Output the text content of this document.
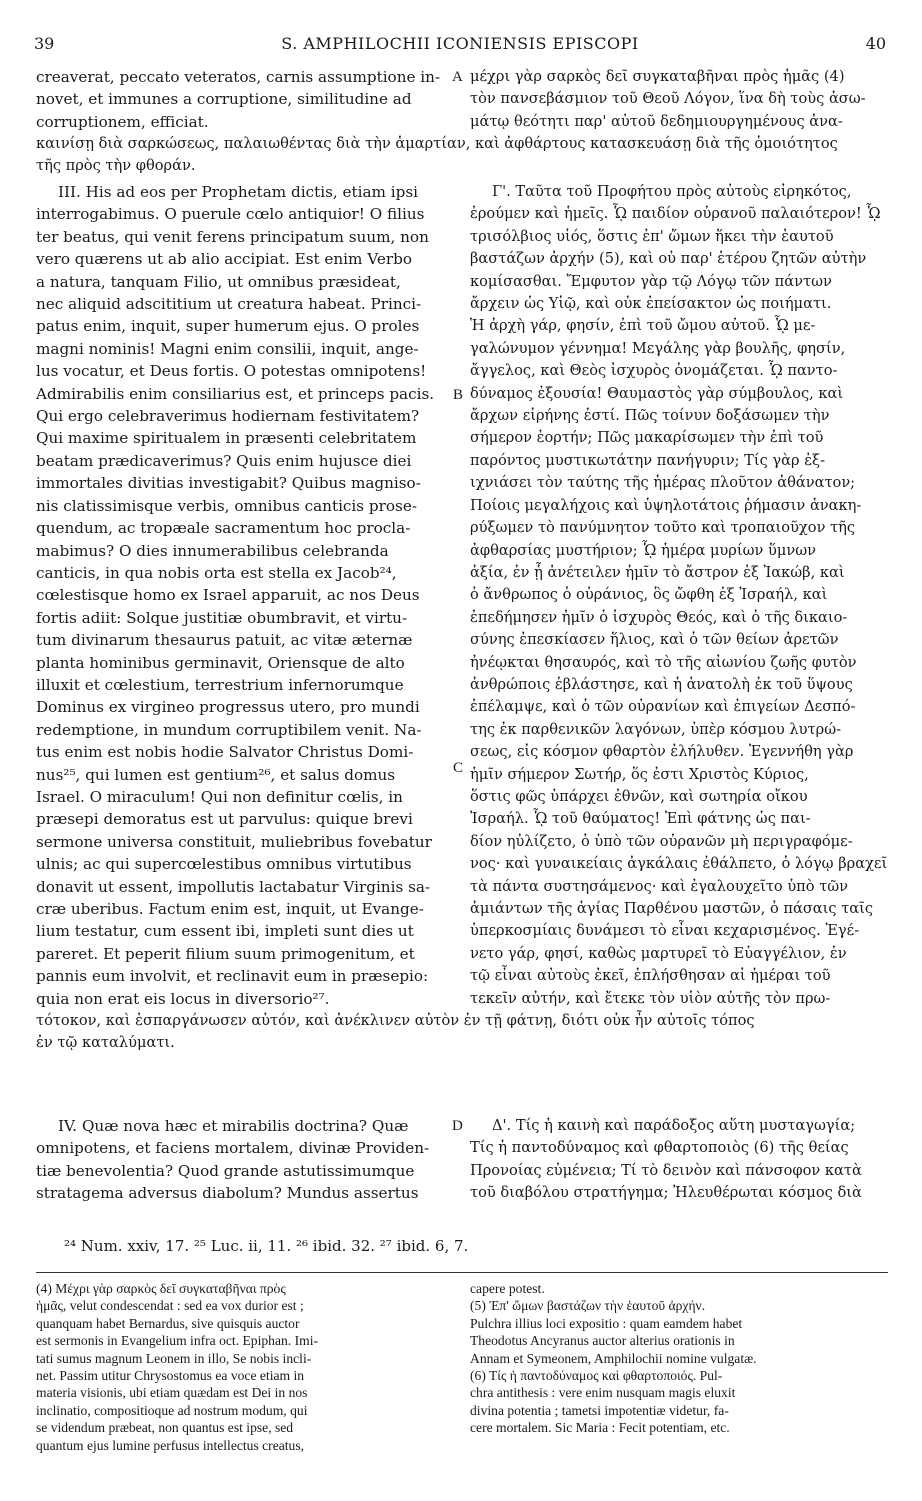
39	S. AMPHILOCHII ICONIENSIS EPISCOPI	40
creaverat, peccato veteratos, carnis assumptione in-
novet, et immunes a corruptione, similitudine ad
corruptionem, efficiat.
μέχρι γὰρ σαρκὸς δεῖ συγκαταβῆναι πρὸς ἡμᾶς (4)
τὸν πανσεβάσμιον τοῦ Θεοῦ Λόγον, ἵνα δὴ τοὺς ἀσω-
μάτῳ θεότητι παρ' αὐτοῦ δεδημιουργημένους ἀνα-
A
καινίσῃ διὰ σαρκώσεως, παλαιωθέντας διὰ τὴν ἁμαρτίαν, καὶ ἀφθάρτους κατασκευάσῃ διὰ τῆς ὁμοιότητος
τῆς πρὸς τὴν φθοράν.
III. His ad eos per Prophetam dictis, etiam ipsi
interrogabimus. O puerule cœlo antiquior! O filius
ter beatus, qui venit ferens principatum suum, non
vero quærens ut ab alio accipiat. Est enim Verbo
a natura, tanquam Filio, ut omnibus præsideat,
nec aliquid adscititium ut creatura habeat. Princi-
patus enim, inquit, super humerum ejus. O proles
magni nominis! Magni enim consilii, inquit, ange-
lus vocatur, et Deus fortis. O potestas omnipotens!
Admirabilis enim consiliarius est, et princeps pacis.
Qui ergo celebraverimus hodiernam festivitatem?
Qui maxime spiritualem in præsenti celebritatem
beatam prædicaverimus? Quis enim hujusce diei
immortales divitias investigabit? Quibus magniso-
nis clatissimisque verbis, omnibus canticis prose-
quendum, ac tropæale sacramentum hoc procla-
mabimus? O dies innumerabilibus celebranda
canticis, in qua nobis orta est stella ex Jacob²⁴,
cœlestisque homo ex Israel apparuit, ac nos Deus
fortis adiit: Solque justitiæ obumbravit, et virtu-
tum divinarum thesaurus patuit, ac vitæ æternæ
planta hominibus germinavit, Oriensque de alto
illuxit et cœlestium, terrestrium infernorumque
Dominus ex virgineo progressus utero, pro mundi
redemptione, in mundum corruptibilem venit. Na-
tus enim est nobis hodie Salvator Christus Domi-
nus²⁵, qui lumen est gentium²⁶, et salus domus
Israel. O miraculum! Qui non definitur cœlis, in
præsepi demoratus est ut parvulus: quique brevi
sermone universa constituit, muliebribus fovebatur
ulnis; ac qui supercœlestibus omnibus virtutibus
donavit ut essent, impollutis lactabatur Virginis sa-
cræ uberibus. Factum enim est, inquit, ut Evange-
lium testatur, cum essent ibi, impleti sunt dies ut
pareret. Et peperit filium suum primogenitum, et
pannis eum involvit, et reclinavit eum in præsepio:
quia non erat eis locus in diversorio²⁷.
Γ'. Ταῦτα τοῦ Προφήτου πρὸς αὐτοὺς εἰρηκότος,
ἐρούμεν καὶ ἡμεῖς. ᾯ παιδίον οὐρανοῦ παλαιότερον! ᾯ
τρισόλβιος υἱός, ὅστις ἐπ' ὤμων ἥκει τὴν ἑαυτοῦ
βαστάζων ἀρχήν (5), καὶ οὐ παρ' ἑτέρου ζητῶν αὐτὴν
κομίσασθαι. Ἔμφυτον γὰρ τῷ Λόγῳ τῶν πάντων
ἄρχειν ὡς Υἱῷ, καὶ οὐκ ἐπείσακτον ὡς ποιήματι.
Ἡ ἀρχὴ γάρ, φησίν, ἐπὶ τοῦ ὤμου αὐτοῦ. ᾯ με-
γαλώνυμον γέννημα! Μεγάλης γὰρ βουλῆς, φησίν,
ἄγγελος, καὶ Θεὸς ἰσχυρὸς ὀνομάζεται. ᾯ παντο-
δύναμος ἐξουσία! Θαυμαστὸς γὰρ σύμβουλος, καὶ
ἄρχων εἰρήνης ἐστί. Πῶς τοίνυν δοξάσωμεν τὴν
σήμερον ἑορτήν; Πῶς μακαρίσωμεν τὴν ἐπὶ τοῦ
παρόντος μυστικωτάτην πανήγυριν; Τίς γὰρ ἐξ-
ιχνιάσει τὸν ταύτης τῆς ἡμέρας πλοῦτον ἀθάνατον;
Ποίοις μεγαλήχοις καὶ ὑψηλοτάτοις ῥήμασιν ἀνακη-
ρύξωμεν τὸ πανύμνητον τοῦτο καὶ τροπαιοῦχον τῆς
ἀφθαρσίας μυστήριον; ᾯ ἡμέρα μυρίων ὕμνων
ἀξία, ἐν ᾗ ἀνέτειλεν ἡμῖν τὸ ἄστρον ἐξ Ἰακώβ, καὶ
ὁ ἄνθρωπος ὁ οὐράνιος, ὃς ὤφθη ἐξ Ἰσραήλ, καὶ
ἐπεδήμησεν ἡμῖν ὁ ἰσχυρὸς Θεός, καὶ ὁ τῆς δικαιο-
σύνης ἐπεσκίασεν ἥλιος, καὶ ὁ τῶν θείων ἀρετῶν
ἠνέῳκται θησαυρός, καὶ τὸ τῆς αἰωνίου ζωῆς φυτὸν
ἀνθρώποις ἐβλάστησε, καὶ ἡ ἀνατολὴ ἐκ τοῦ ὕψους
ἐπέλαμψε, καὶ ὁ τῶν οὐρανίων καὶ ἐπιγείων Δεσπό-
της ἐκ παρθενικῶν λαγόνων, ὑπὲρ κόσμου λυτρώ-
σεως, εἰς κόσμον φθαρτὸν ἐλήλυθεν. Ἐγεννήθη γὰρ
ἡμῖν σήμερον Σωτήρ, ὅς ἐστι Χριστὸς Κύριος,
ὅστις φῶς ὑπάρχει ἐθνῶν, καὶ σωτηρία οἴκου
Ἰσραήλ. ᾯ τοῦ θαύματος! Ἐπὶ φάτνης ὡς παι-
δίον ηὐλίζετο, ὁ ὑπὸ τῶν οὐρανῶν μὴ περιγραφόμε-
νος· καὶ γυναικείαις ἀγκάλαις ἐθάλπετο, ὁ λόγῳ βραχεῖ
τὰ πάντα συστησάμενος· καὶ ἐγαλουχεῖτο ὑπὸ τῶν
ἀμιάντων τῆς ἁγίας Παρθένου μαστῶν, ὁ πάσαις ταῖς
ὑπερκοσμίαις δυνάμεσι τὸ εἶναι κεχαρισμένος. Ἐγέ-
νετο γάρ, φησί, καθὼς μαρτυρεῖ τὸ Εὐαγγέλιον, ἐν
τῷ εἶναι αὐτοὺς ἐκεῖ, ἐπλήσθησαν αἱ ἡμέραι τοῦ
τεκεῖν αὐτήν, καὶ ἔτεκε τὸν υἱὸν αὐτῆς τὸν πρω-
B
C
τότοκον, καὶ ἐσπαργάνωσεν αὐτόν, καὶ ἀνέκλινεν αὐτὸν ἐν τῇ φάτνῃ, διότι οὐκ ἦν αὐτοῖς τόπος
ἐν τῷ καταλύματι.
IV. Quæ nova hæc et mirabilis doctrina? Quæ
omnipotens, et faciens mortalem, divinæ Providen-
tiæ benevolentia? Quod grande astutissimumque
stratagema adversus diabolum? Mundus assertus
Δ'. Τίς ἡ καινὴ καὶ παράδοξος αὕτη μυσταγωγία;
Τίς ἡ παντοδύναμος καὶ φθαρτοποιὸς (6) τῆς θείας
Προνοίας εὐμένεια; Τί τὸ δεινὸν καὶ πάνσοφον κατὰ
τοῦ διαβόλου στρατήγημα; Ἠλευθέρωται κόσμος διὰ
D
²⁴ Num. xxiv, 17. ²⁵ Luc. ii, 11. ²⁶ ibid. 32. ²⁷ ibid. 6, 7.
(4) Μέχρι γὰρ σαρκὸς δεῖ συγκαταβῆναι πρὸς
ἡμᾶς, velut condescendat : sed ea vox durior est ;
quanquam habet Bernardus, sive quisquis auctor
est sermonis in Evangelium infra oct. Epiphan. Imi-
tati sumus magnum Leonem in illo, Se nobis incli-
net. Passim utitur Chrysostomus ea voce etiam in
materia visionis, ubi etiam quædam est Dei in nos
inclinatio, compositioque ad nostrum modum, qui
se videndum præbeat, non quantus est ipse, sed
quantum ejus lumine perfusus intellectus creatus,
capere potest.
(5) Ἐπ' ὤμων βαστάζων τὴν ἑαυτοῦ ἀρχήν.
Pulchra illius loci expositio : quam eamdem habet
Theodotus Ancyranus auctor alterius orationis in
Annam et Symeonem, Amphilochii nomine vulgatæ.
(6) Τίς ἡ παντοδύναμος καὶ φθαρτοποιός. Pul-
chra antithesis : vere enim nusquam magis eluxit
divina potentia ; tametsi impotentiæ videtur, fa-
cere mortalem. Sic Maria : Fecit potentiam, etc.
